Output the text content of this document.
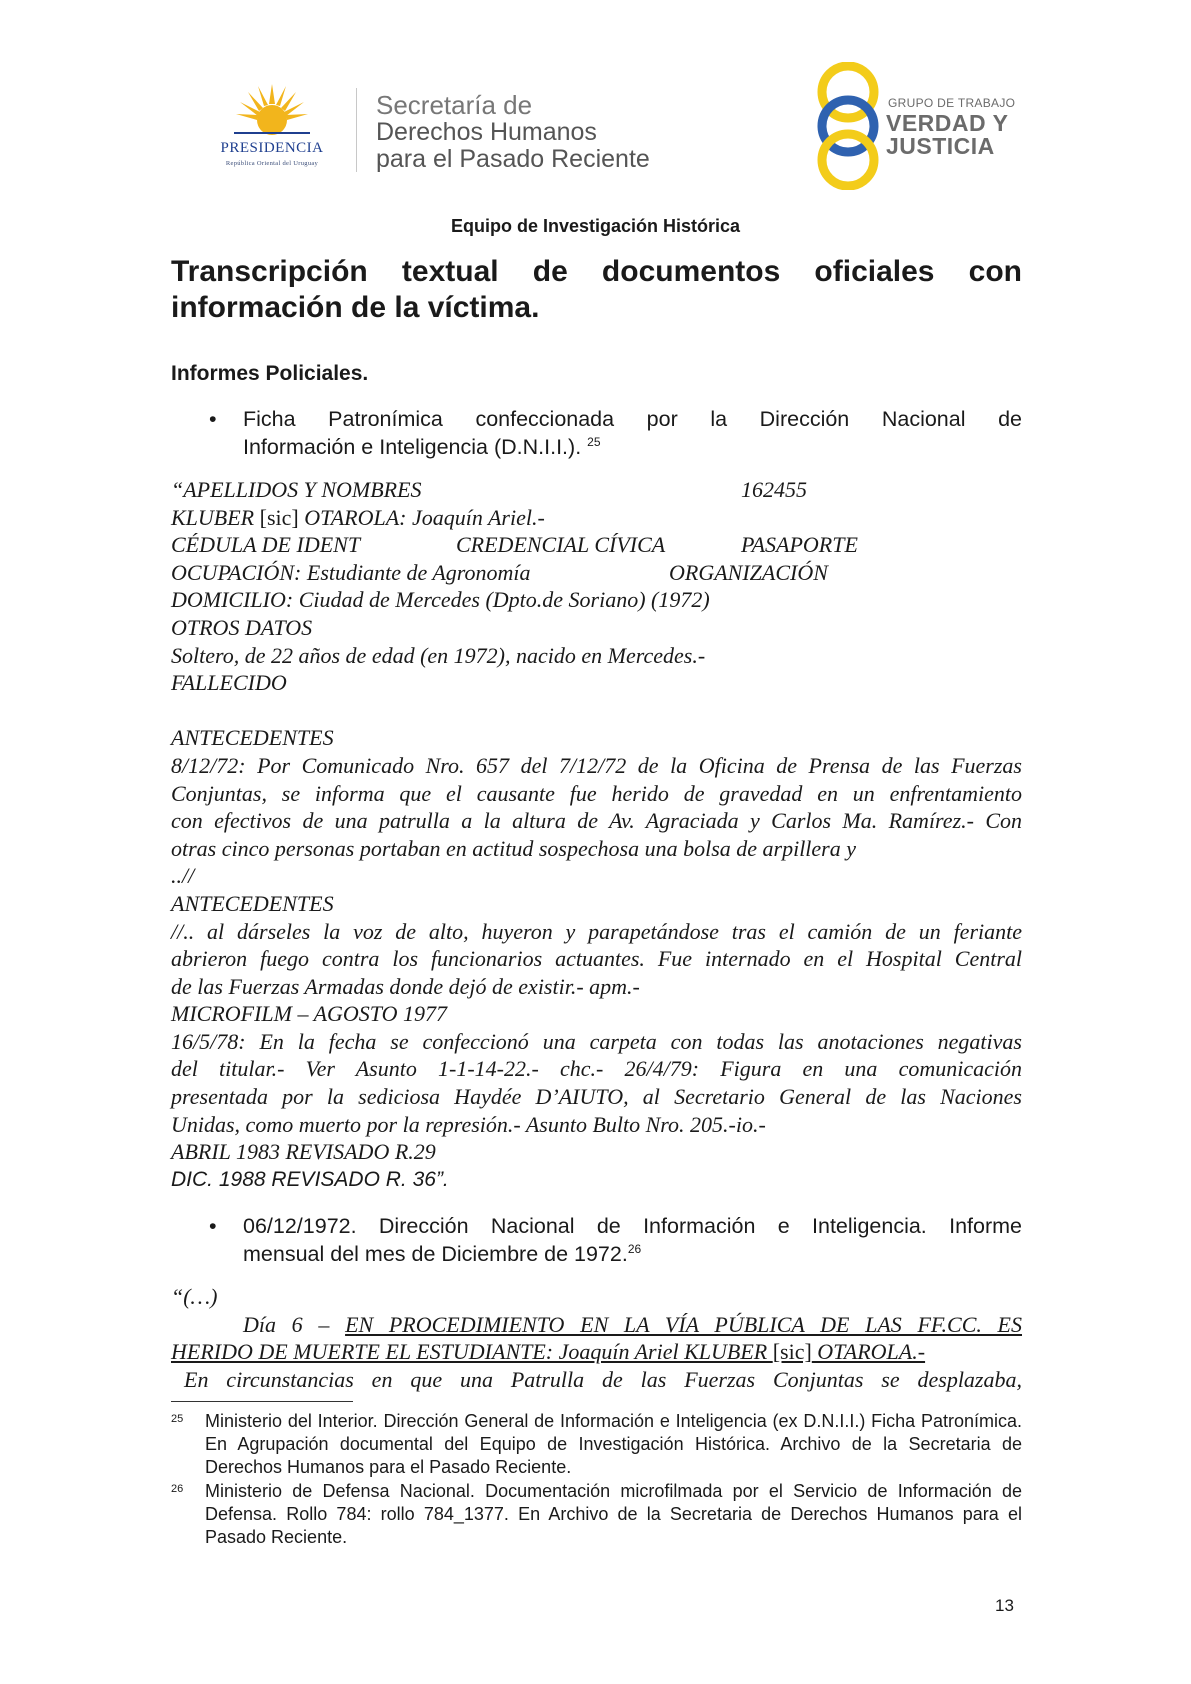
PRESIDENCIA
República Oriental del Uruguay
Secretaría de
Derechos Humanos
para el Pasado Reciente
GRUPO DE TRABAJO
VERDAD Y
JUSTICIA
Equipo de Investigación Histórica
Transcripción textual de documentos oficiales con información de la víctima.
Informes Policiales.
• Ficha Patronímica confeccionada por la Dirección Nacional de
Información e Inteligencia (D.N.I.I.). $^{25}$
“APELLIDOS Y NOMBRES	162455
KLUBER [sic] OTAROLA: Joaquín Ariel.-
CÉDULA DE IDENT	CREDENCIAL CÍVICA	PASAPORTE
OCUPACIÓN: Estudiante de Agronomía	ORGANIZACIÓN
DOMICILIO: Ciudad de Mercedes (Dpto.de Soriano) (1972)
OTROS DATOS
Soltero, de 22 años de edad (en 1972), nacido en Mercedes.-
FALLECIDO

ANTECEDENTES
8/12/72: Por Comunicado Nro. 657 del 7/12/72 de la Oficina de Prensa de las Fuerzas
Conjuntas, se informa que el causante fue herido de gravedad en un enfrentamiento
con efectivos de una patrulla a la altura de Av. Agraciada y Carlos Ma. Ramírez.- Con
otras cinco personas portaban en actitud sospechosa una bolsa de arpillera y
..//
ANTECEDENTES
//.. al dárseles la voz de alto, huyeron y parapetándose tras el camión de un feriante
abrieron fuego contra los funcionarios actuantes. Fue internado en el Hospital Central
de las Fuerzas Armadas donde dejó de existir.- apm.-
MICROFILM – AGOSTO 1977
16/5/78: En la fecha se confeccionó una carpeta con todas las anotaciones negativas
del titular.- Ver Asunto 1-1-14-22.- chc.- 26/4/79: Figura en una comunicación
presentada por la sediciosa Haydée D’AIUTO, al Secretario General de las Naciones
Unidas, como muerto por la represión.- Asunto Bulto Nro. 205.-io.-
ABRIL 1983 REVISADO R.29
DIC. 1988 REVISADO R. 36”.
• 06/12/1972. Dirección Nacional de Información e Inteligencia. Informe
mensual del mes de Diciembre de 1972.26
“(…)
Día 6 – EN PROCEDIMIENTO EN LA VÍA PÚBLICA DE LAS FF.CC. ES
HERIDO DE MUERTE EL ESTUDIANTE: Joaquín Ariel KLUBER [sic] OTAROLA.-
En circunstancias en que una Patrulla de las Fuerzas Conjuntas se desplazaba,
25 Ministerio del Interior. Dirección General de Información e Inteligencia (ex D.N.I.I.) Ficha Patronímica. En Agrupación documental del Equipo de Investigación Histórica. Archivo de la Secretaria de Derechos Humanos para el Pasado Reciente.
26 Ministerio de Defensa Nacional. Documentación microfilmada por el Servicio de Información de Defensa. Rollo 784: rollo 784_1377. En Archivo de la Secretaria de Derechos Humanos para el Pasado Reciente.
13
